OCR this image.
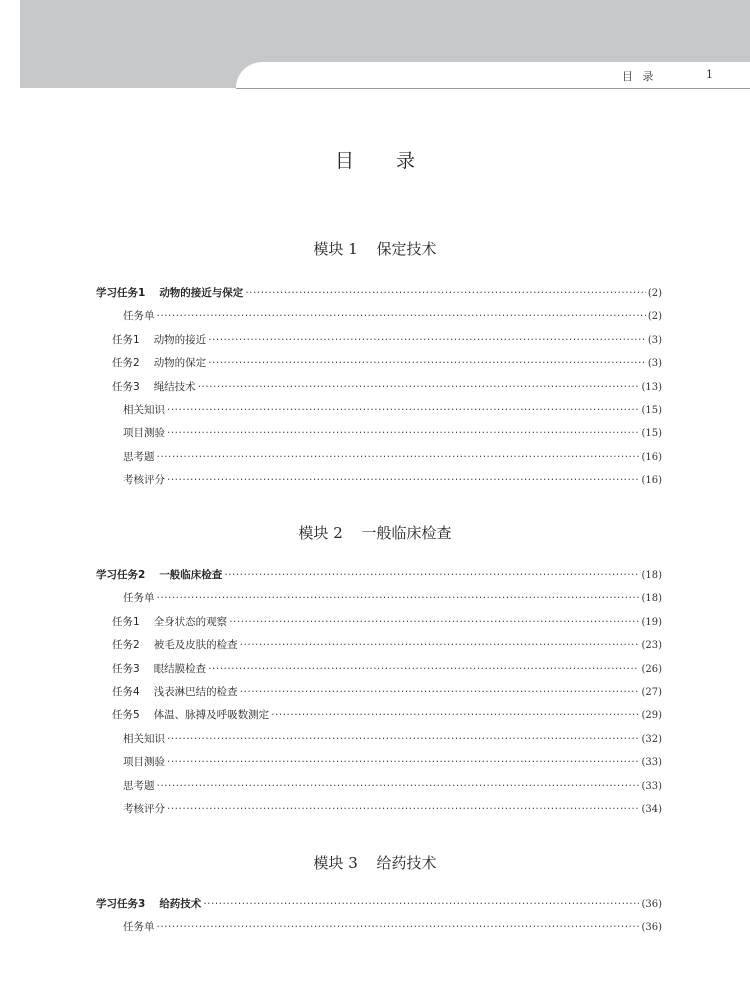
目 录	1
目 录
模块 1 保定技术
学习任务1 动物的接近与保定 ·····	(2)
任务单 ·····	(2)
任务1 动物的接近 ·····	(3)
任务2 动物的保定 ·····	(3)
任务3 绳结技术 ·····	(13)
相关知识 ·····	(15)
项目测验 ·····	(15)
思考题 ·····	(16)
考核评分 ·····	(16)
模块 2 一般临床检查
学习任务2 一般临床检查 ·····	(18)
任务单 ·····	(18)
任务1 全身状态的观察 ·····	(19)
任务2 被毛及皮肤的检查 ·····	(23)
任务3 眼结膜检查 ·····	(26)
任务4 浅表淋巴结的检查 ·····	(27)
任务5 体温、脉搏及呼吸数测定 ·····	(29)
相关知识 ·····	(32)
项目测验 ·····	(33)
思考题 ·····	(33)
考核评分 ·····	(34)
模块 3 给药技术
学习任务3 给药技术 ·····	(36)
任务单 ·····	(36)
